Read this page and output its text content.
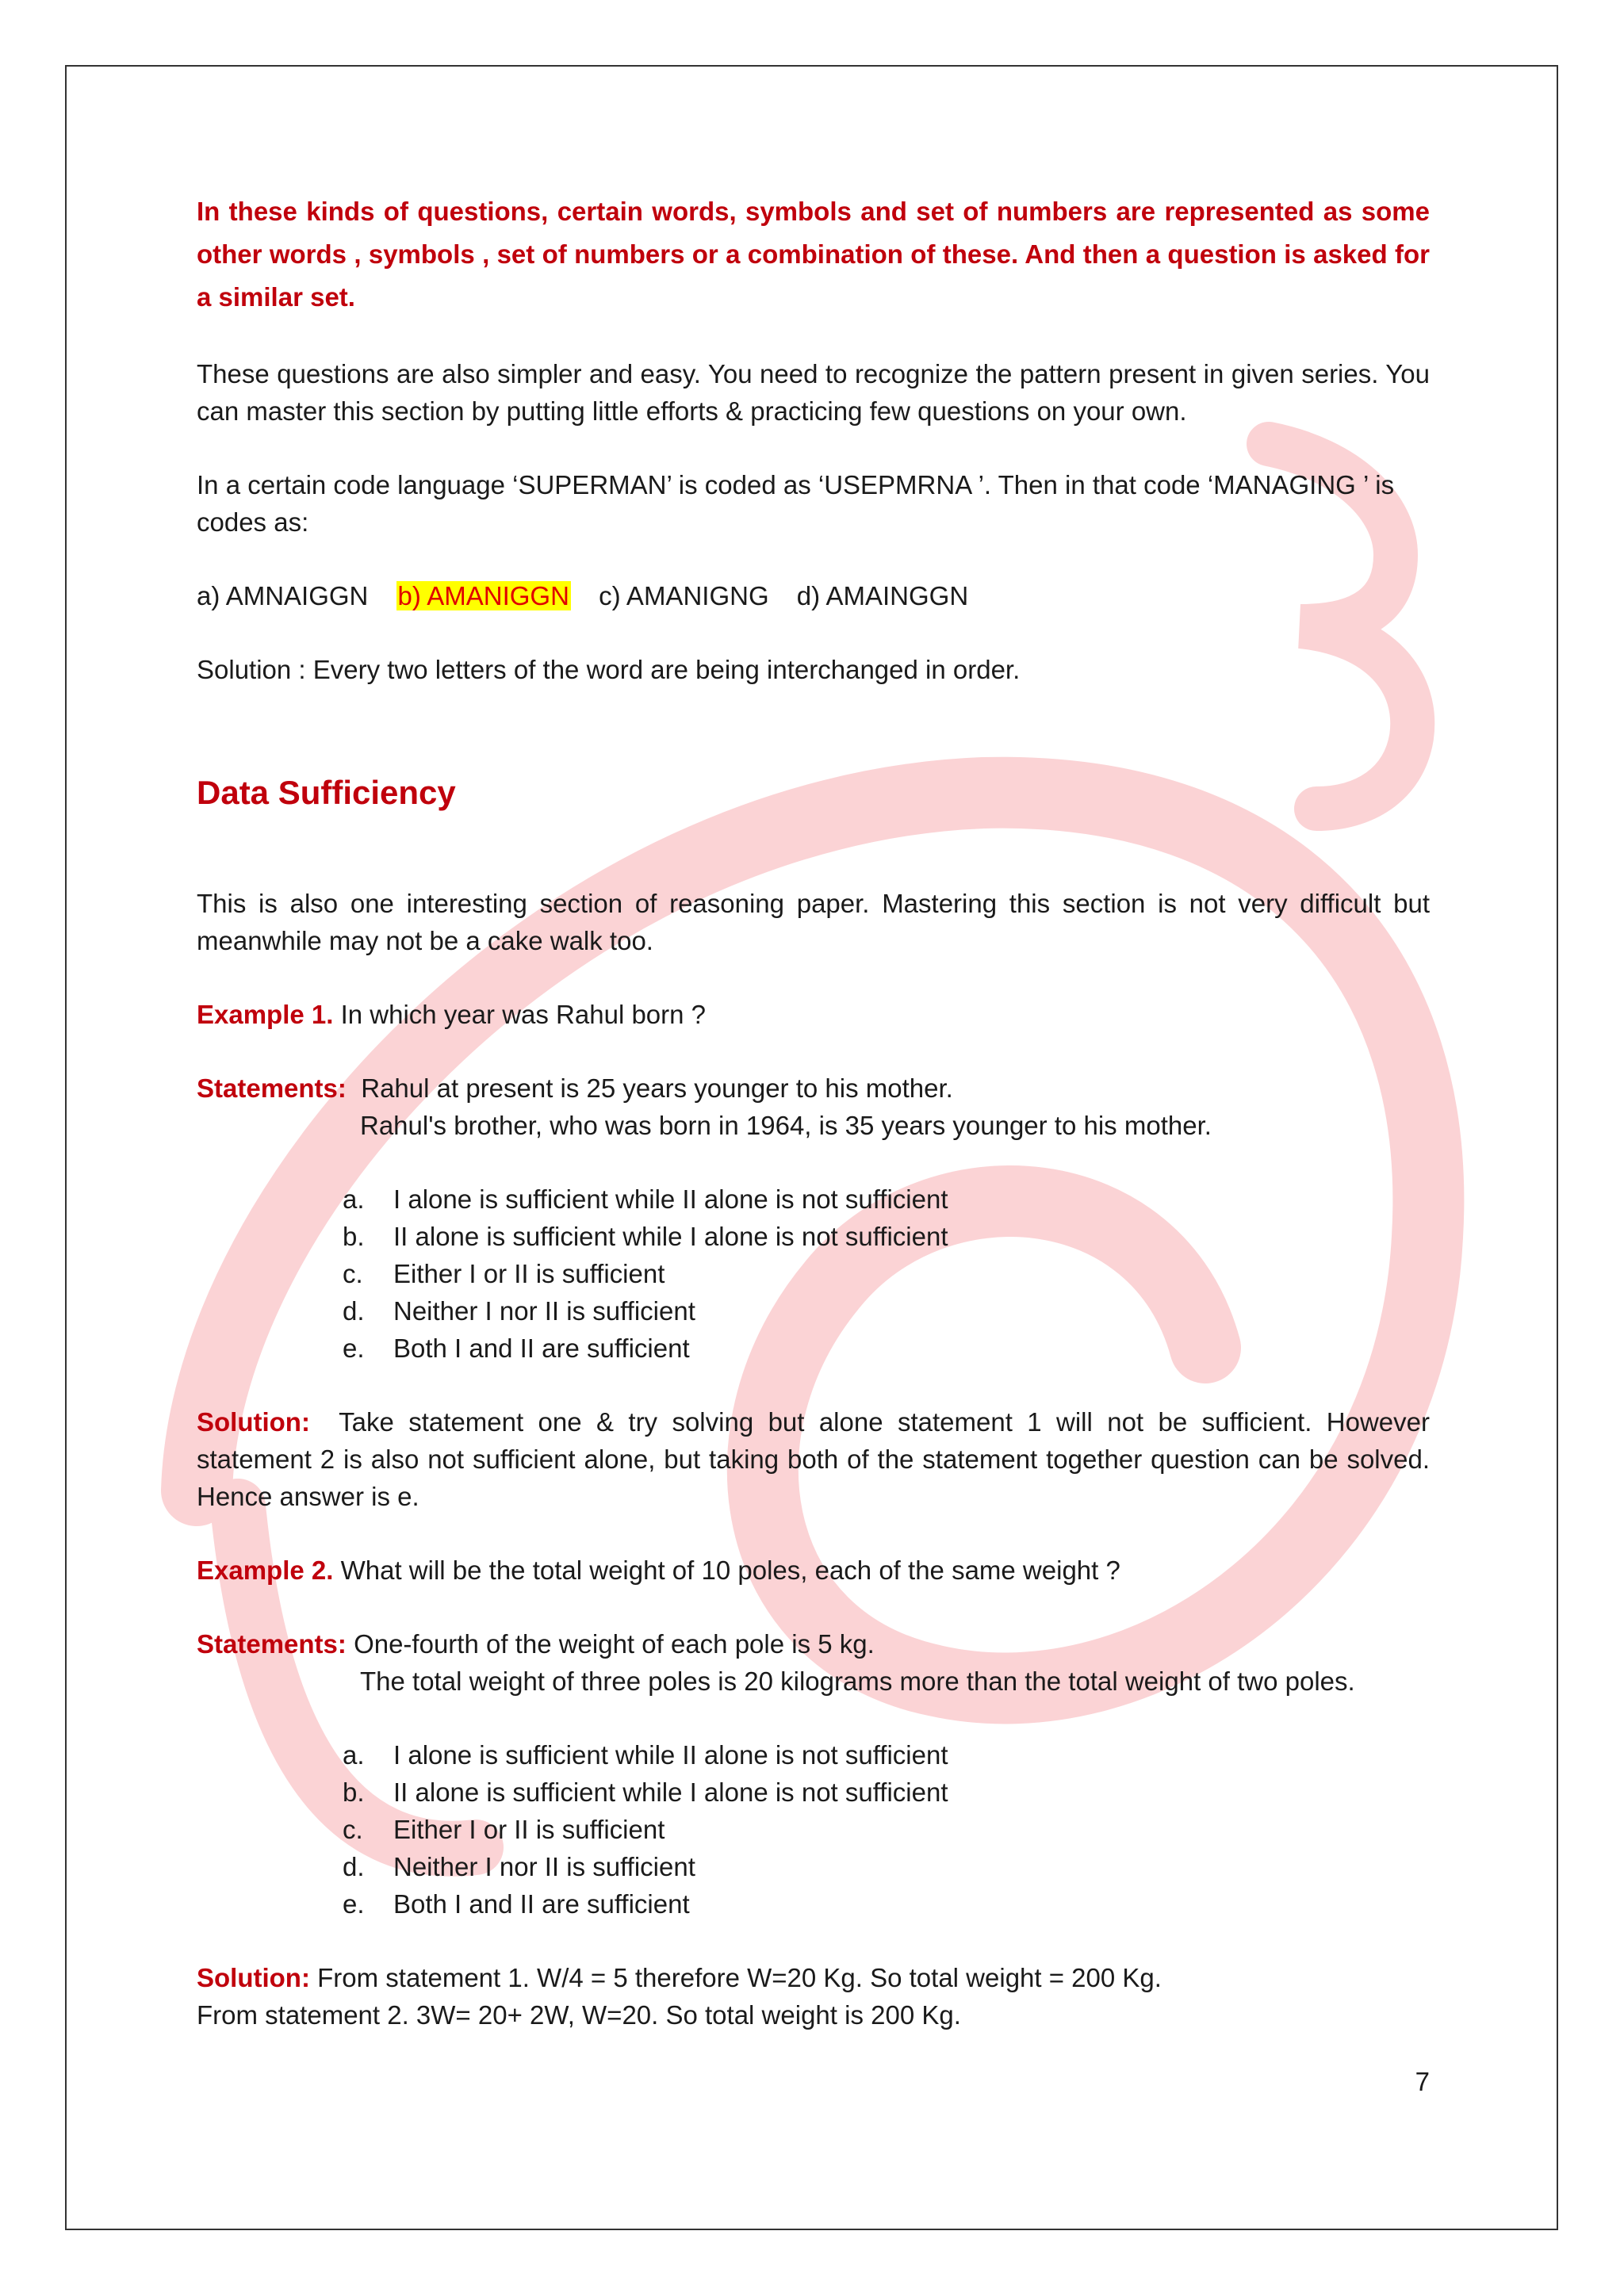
In these kinds of questions, certain words, symbols and set of numbers are represented as some other words , symbols , set of numbers or a combination of these. And then a question is asked for a similar set.

These questions are also simpler and easy. You need to recognize the pattern present in given series. You can master this section by putting little efforts & practicing few questions on your own.

In a certain code language ‘SUPERMAN’ is coded as ‘USEPMRNA ’. Then in that code ‘MANAGING ’ is codes as:

a) AMNAIGGN b) AMANIGGN c) AMANIGNG d) AMAINGGN

Solution : Every two letters of the word are being interchanged in order.

Data Sufficiency

This is also one interesting section of reasoning paper. Mastering this section is not very difficult but meanwhile may not be a cake walk too.

Example 1. In which year was Rahul born ?

Statements: Rahul at present is 25 years younger to his mother.

Rahul's brother, who was born in 1964, is 35 years younger to his mother.

a.	I alone is sufficient while II alone is not sufficient
b.	II alone is sufficient while I alone is not sufficient
c.	Either I or II is sufficient
d.	Neither I nor II is sufficient
e.	Both I and II are sufficient

Solution: Take statement one & try solving but alone statement 1 will not be sufficient. However statement 2 is also not sufficient alone, but taking both of the statement together question can be solved. Hence answer is e.

Example 2. What will be the total weight of 10 poles, each of the same weight ?

Statements: One-fourth of the weight of each pole is 5 kg.

The total weight of three poles is 20 kilograms more than the total weight of two poles.

a.	I alone is sufficient while II alone is not sufficient
b.	II alone is sufficient while I alone is not sufficient
c.	Either I or II is sufficient
d.	Neither I nor II is sufficient
e.	Both I and II are sufficient

Solution: From statement 1. W/4 = 5 therefore W=20 Kg. So total weight = 200 Kg.

From statement 2. 3W= 20+ 2W, W=20. So total weight is 200 Kg.

7
